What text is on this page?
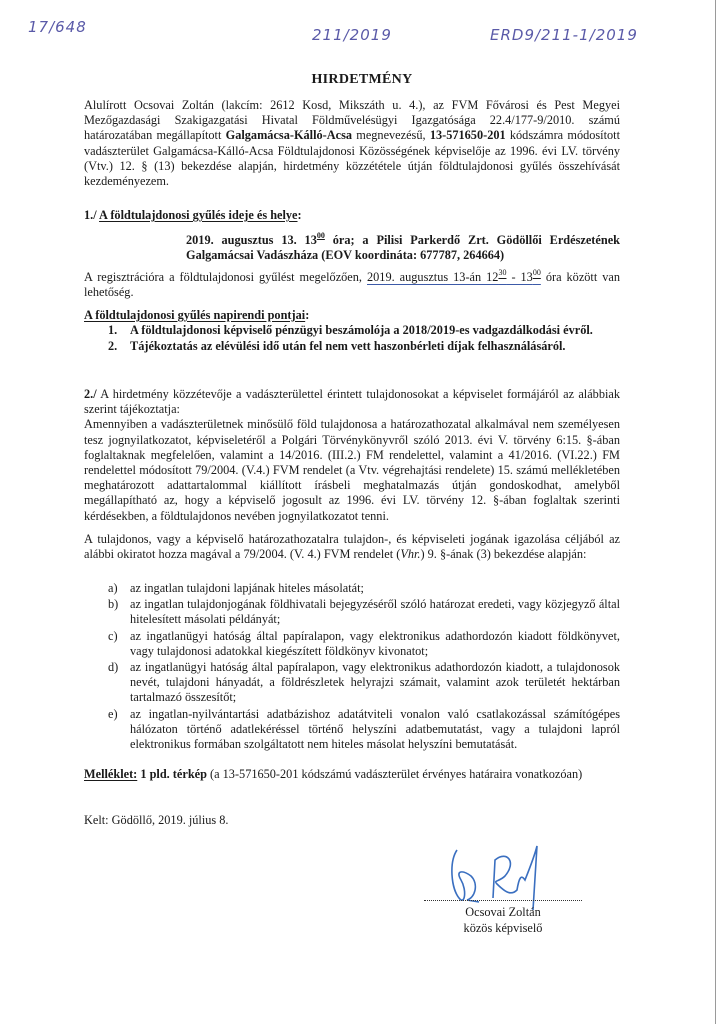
17/648	211/2019	ERD9/211-1/2019
HIRDETMÉNY

Alulírott Ocsovai Zoltán (lakcím: 2612 Kosd, Mikszáth u. 4.), az FVM Fővárosi és Pest Megyei Mezőgazdasági Szakigazgatási Hivatal Földművelésügyi Igazgatósága 22.4/177-9/2010. számú határozatában megállapított Galgamácsa-Kálló-Acsa megnevezésű, 13-571650-201 kódszámra módosított vadászterület Galgamácsa-Kálló-Acsa Földtulajdonosi Közösségének képviselője az 1996. évi LV. törvény (Vtv.) 12. § (13) bekezdése alapján, hirdetmény közzététele útján földtulajdonosi gyűlés összehívását kezdeményezem.

1./ A földtulajdonosi gyűlés ideje és helye:
2019. augusztus 13. $13^{00}$ óra; a Pilisi Parkerdő Zrt. Gödöllői Erdészetének Galgamácsai Vadászháza (EOV koordináta: 677787, 264664)

A regisztrációra a földtulajdonosi gyűlést megelőzően, 2019. augusztus 13-án $12^{30} - 13^{00}$ óra között van lehetőség.

A földtulajdonosi gyűlés napirendi pontjai:
1.	A földtulajdonosi képviselő pénzügyi beszámolója a 2018/2019-es vadgazdálkodási évről.
2.	Tájékoztatás az elévülési idő után fel nem vett haszonbérleti díjak felhasználásáról.

2./ A hirdetmény közzétevője a vadászterülettel érintett tulajdonosokat a képviselet formájáról az alábbiak szerint tájékoztatja:

Amennyiben a vadászterületnek minősülő föld tulajdonosa a határozathozatal alkalmával nem személyesen tesz jognyilatkozatot, képviseletéről a Polgári Törvénykönyvről szóló 2013. évi V. törvény 6:15. §-ában foglaltaknak megfelelően, valamint a 14/2016. (III.2.) FM rendelettel, valamint a 41/2016. (VI.22.) FM rendelettel módosított 79/2004. (V.4.) FVM rendelet (a Vtv. végrehajtási rendelete) 15. számú mellékletében meghatározott adattartalommal kiállított írásbeli meghatalmazás útján gondoskodhat, amelyből megállapítható az, hogy a képviselő jogosult az 1996. évi LV. törvény 12. §-ában foglaltak szerinti kérdésekben, a földtulajdonos nevében jognyilatkozatot tenni.

A tulajdonos, vagy a képviselő határozathozatalra tulajdon-, és képviseleti jogának igazolása céljából az alábbi okiratot hozza magával a 79/2004. (V. 4.) FVM rendelet (Vhr.) 9. §-ának (3) bekezdése alapján:

a)	az ingatlan tulajdoni lapjának hiteles másolatát;
b) az ingatlan tulajdonjogának földhivatali bejegyzéséről szóló határozat eredeti, vagy közjegyző által hitelesített másolati példányát;
c)	az ingatlanügyi hatóság által papíralapon, vagy elektronikus adathordozón kiadott földkönyvet, vagy tulajdonosi adatokkal kiegészített földkönyv kivonatot;
d) az ingatlanügyi hatóság által papíralapon, vagy elektronikus adathordozón kiadott, a tulajdonosok nevét, tulajdoni hányadát, a földrészletek helyrajzi számait, valamint azok területét hektárban tartalmazó összesítőt;
e)	az ingatlan-nyilvántartási adatbázishoz adatátviteli vonalon való csatlakozással számítógépes hálózaton történő adatlekéréssel történő helyszíni adatbemutatást, vagy a tulajdoni lapról elektronikus formában szolgáltatott nem hiteles másolat helyszíni bemutatását.
Melléklet: 1 pld. térkép (a 13-571650-201 kódszámú vadászterület érvényes határaira vonatkozóan)
Kelt: Gödöllő, 2019. július 8.
Ocsovai Zoltán
közös képviselő
